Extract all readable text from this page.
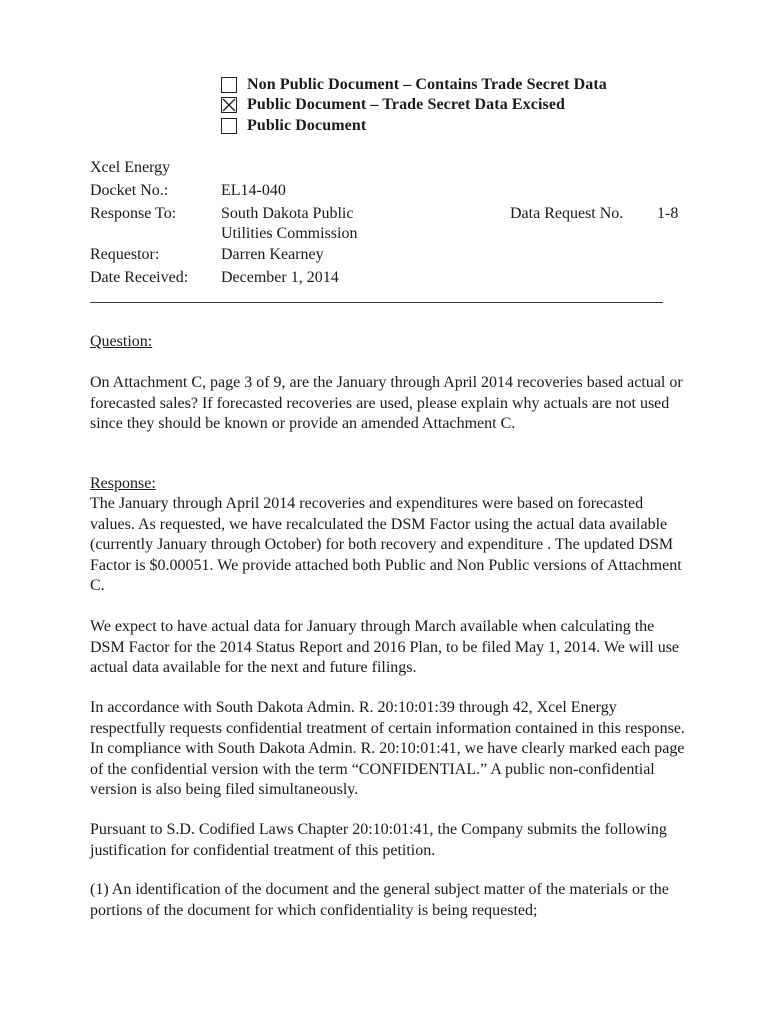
Non Public Document – Contains Trade Secret Data
Public Document – Trade Secret Data Excised
Public Document
Xcel Energy
Docket No.:	EL14-040
Response To:	South Dakota Public
Utilities Commission
Data Request No. 1-8
Requestor:	Darren Kearney
Date Received: December 1, 2014
Question:

On Attachment C, page 3 of 9, are the January through April 2014 recoveries based actual or forecasted sales? If forecasted recoveries are used, please explain why actuals are not used since they should be known or provide an amended Attachment C.

Response:

The January through April 2014 recoveries and expenditures were based on forecasted values. As requested, we have recalculated the DSM Factor using the actual data available (currently January through October) for both recovery and expenditure . The updated DSM Factor is $0.00051. We provide attached both Public and Non Public versions of Attachment C.

We expect to have actual data for January through March available when calculating the DSM Factor for the 2014 Status Report and 2016 Plan, to be filed May 1, 2014. We will use actual data available for the next and future filings.

In accordance with South Dakota Admin. R. 20:10:01:39 through 42, Xcel Energy respectfully requests confidential treatment of certain information contained in this response. In compliance with South Dakota Admin. R. 20:10:01:41, we have clearly marked each page of the confidential version with the term “CONFIDENTIAL.” A public non-confidential version is also being filed simultaneously.

Pursuant to S.D. Codified Laws Chapter 20:10:01:41, the Company submits the following justification for confidential treatment of this petition.

(1) An identification of the document and the general subject matter of the materials or the portions of the document for which confidentiality is being requested;
